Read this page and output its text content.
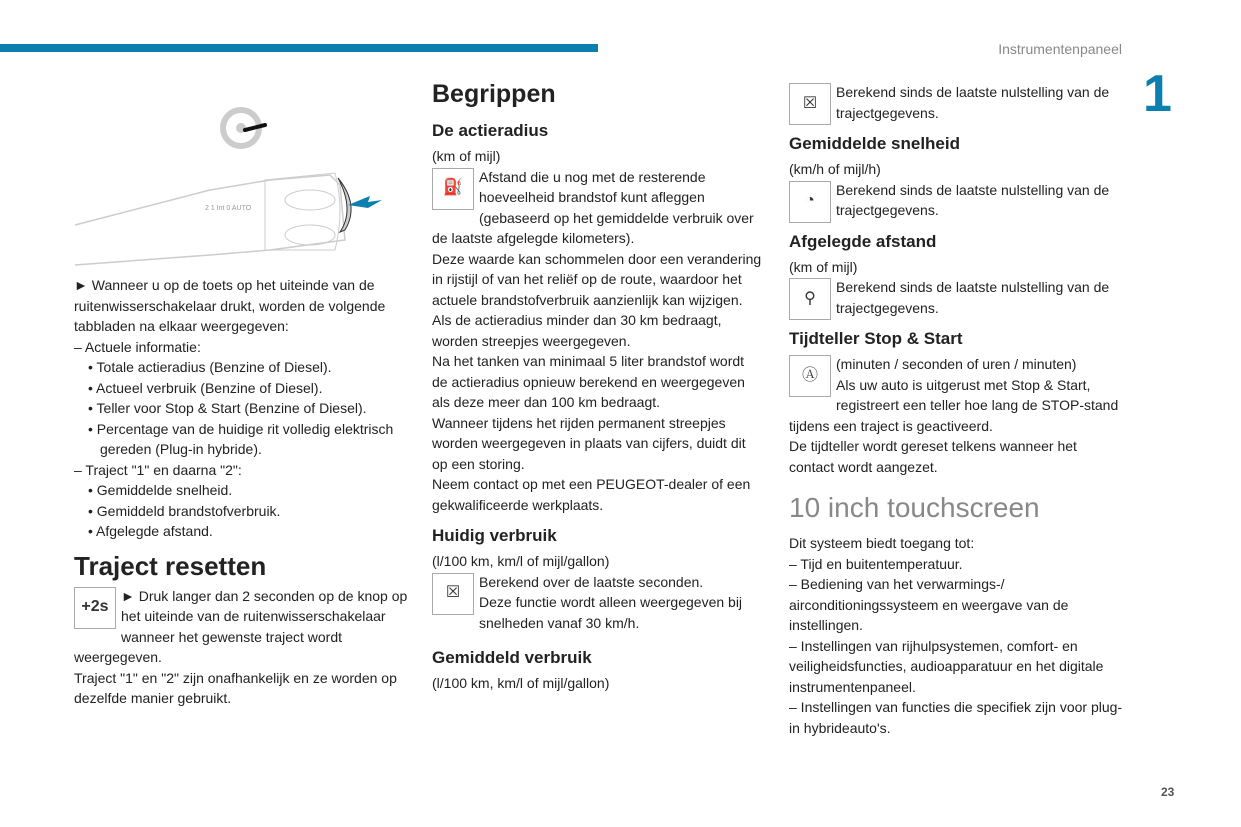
Instrumentenpaneel
1
23
2 1 Int 0 AUTO

► Wanneer u op de toets op het uiteinde van de ruitenwisserschakelaar drukt, worden de volgende tabbladen na elkaar weergegeven:

– Actuele informatie:

• Totale actieradius (Benzine of Diesel).

• Actueel verbruik (Benzine of Diesel).

• Teller voor Stop & Start (Benzine of Diesel).

• Percentage van de huidige rit volledig elektrisch gereden (Plug-in hybride).

– Traject "1" en daarna "2":

• Gemiddelde snelheid.

• Gemiddeld brandstofverbruik.

• Afgelegde afstand.

Traject resetten
+2s

► Druk langer dan 2 seconden op de knop op het uiteinde van de ruitenwisserschakelaar wanneer het gewenste traject wordt weergegeven.

Traject "1" en "2" zijn onafhankelijk en ze worden op dezelfde manier gebruikt.

Begrippen
De actieradius

(km of mijl)

⛽

Afstand die u nog met de resterende hoeveelheid brandstof kunt afleggen (gebaseerd op het gemiddelde verbruik over de laatste afgelegde kilometers).

Deze waarde kan schommelen door een verandering in rijstijl of van het reliëf op de route, waardoor het actuele brandstofverbruik aanzienlijk kan wijzigen.

Als de actieradius minder dan 30 km bedraagt, worden streepjes weergegeven.

Na het tanken van minimaal 5 liter brandstof wordt de actieradius opnieuw berekend en weergegeven als deze meer dan 100 km bedraagt.

Wanneer tijdens het rijden permanent streepjes worden weergegeven in plaats van cijfers, duidt dit op een storing.

Neem contact op met een PEUGEOT-dealer of een gekwalificeerde werkplaats.

Huidig verbruik

(l/100 km, km/l of mijl/gallon)

☒

Berekend over de laatste seconden.

Deze functie wordt alleen weergegeven bij snelheden vanaf 30 km/h.

Gemiddeld verbruik

(l/100 km, km/l of mijl/gallon)

☒

Berekend sinds de laatste nulstelling van de trajectgegevens.

Gemiddelde snelheid

(km/h of mijl/h)

◔

Berekend sinds de laatste nulstelling van de trajectgegevens.

Afgelegde afstand

(km of mijl)

⚲

Berekend sinds de laatste nulstelling van de trajectgegevens.

Tijdteller Stop & Start
Ⓐ

(minuten / seconden of uren / minuten)

Als uw auto is uitgerust met Stop & Start, registreert een teller hoe lang de STOP-stand tijdens een traject is geactiveerd.

De tijdteller wordt gereset telkens wanneer het contact wordt aangezet.

10 inch touchscreen

Dit systeem biedt toegang tot:

– Tijd en buitentemperatuur.

– Bediening van het verwarmings-/ airconditioningssysteem en weergave van de instellingen.

– Instellingen van rijhulpsystemen, comfort- en veiligheidsfuncties, audioapparatuur en het digitale instrumentenpaneel.

– Instellingen van functies die specifiek zijn voor plug-in hybrideauto's.
